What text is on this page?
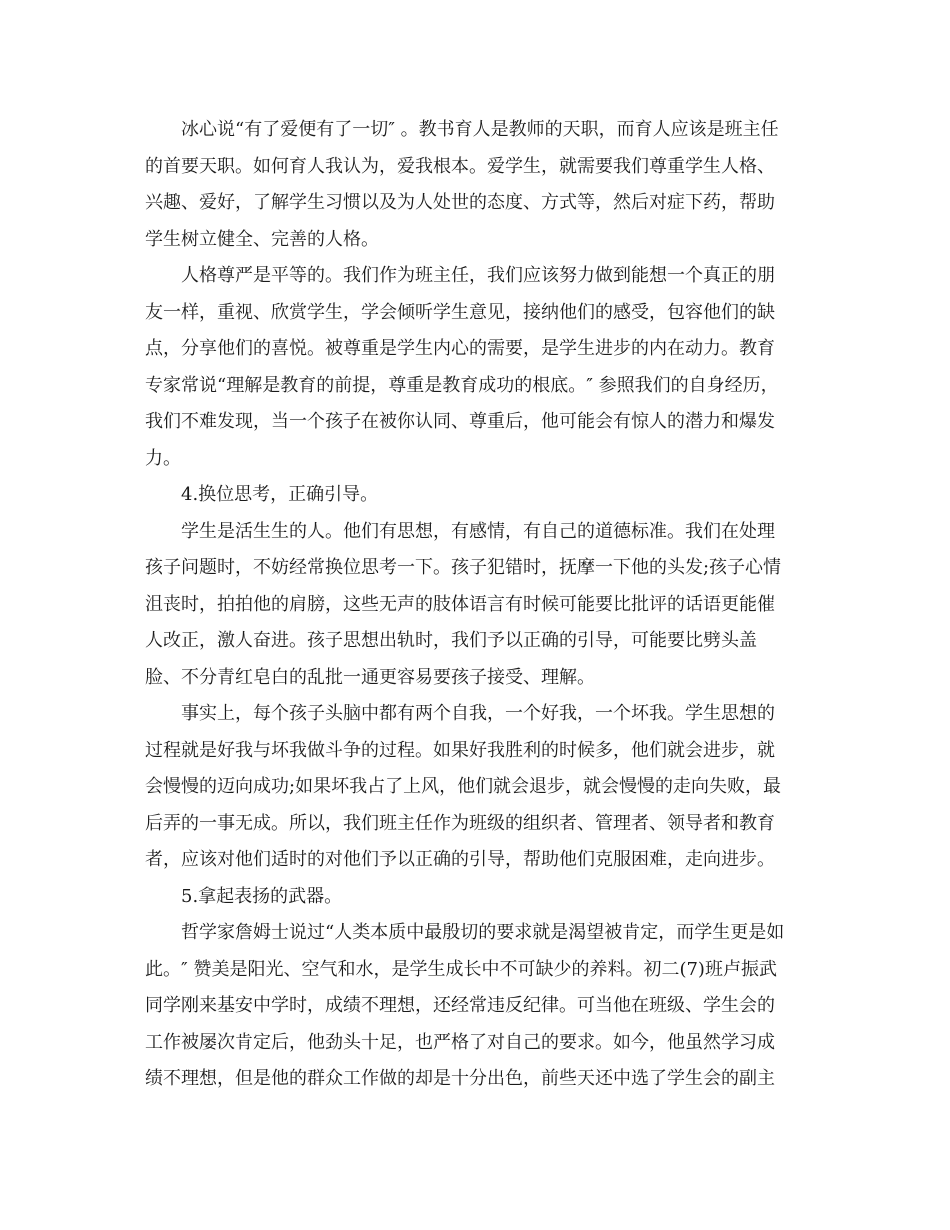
冰心说“有了爱便有了一切″ 。教书育人是教师的天职，而育人应该是班主任
的首要天职。如何育人我认为，爱我根本。爱学生，就需要我们尊重学生人格、
兴趣、爱好，了解学生习惯以及为人处世的态度、方式等，然后对症下药，帮助
学生树立健全、完善的人格。

人格尊严是平等的。我们作为班主任，我们应该努力做到能想一个真正的朋
友一样，重视、欣赏学生，学会倾听学生意见，接纳他们的感受，包容他们的缺
点，分享他们的喜悦。被尊重是学生内心的需要，是学生进步的内在动力。教育
专家常说“理解是教育的前提，尊重是教育成功的根底。″ 参照我们的自身经历，
我们不难发现，当一个孩子在被你认同、尊重后，他可能会有惊人的潜力和爆发
力。

4.换位思考，正确引导。

学生是活生生的人。他们有思想，有感情，有自己的道德标准。我们在处理
孩子问题时，不妨经常换位思考一下。孩子犯错时，抚摩一下他的头发;孩子心情
沮丧时，拍拍他的肩膀，这些无声的肢体语言有时候可能要比批评的话语更能催
人改正，激人奋进。孩子思想出轨时，我们予以正确的引导，可能要比劈头盖
脸、不分青红皂白的乱批一通更容易要孩子接受、理解。

事实上，每个孩子头脑中都有两个自我，一个好我，一个坏我。学生思想的
过程就是好我与坏我做斗争的过程。如果好我胜利的时候多，他们就会进步，就
会慢慢的迈向成功;如果坏我占了上风，他们就会退步，就会慢慢的走向失败，最
后弄的一事无成。所以，我们班主任作为班级的组织者、管理者、领导者和教育
者，应该对他们适时的对他们予以正确的引导，帮助他们克服困难，走向进步。

5.拿起表扬的武器。

哲学家詹姆士说过“人类本质中最殷切的要求就是渴望被肯定，而学生更是如
此。″ 赞美是阳光、空气和水，是学生成长中不可缺少的养料。初二(7)班卢振武
同学刚来基安中学时，成绩不理想，还经常违反纪律。可当他在班级、学生会的
工作被屡次肯定后，他劲头十足，也严格了对自己的要求。如今，他虽然学习成
绩不理想，但是他的群众工作做的却是十分出色，前些天还中选了学生会的副主
